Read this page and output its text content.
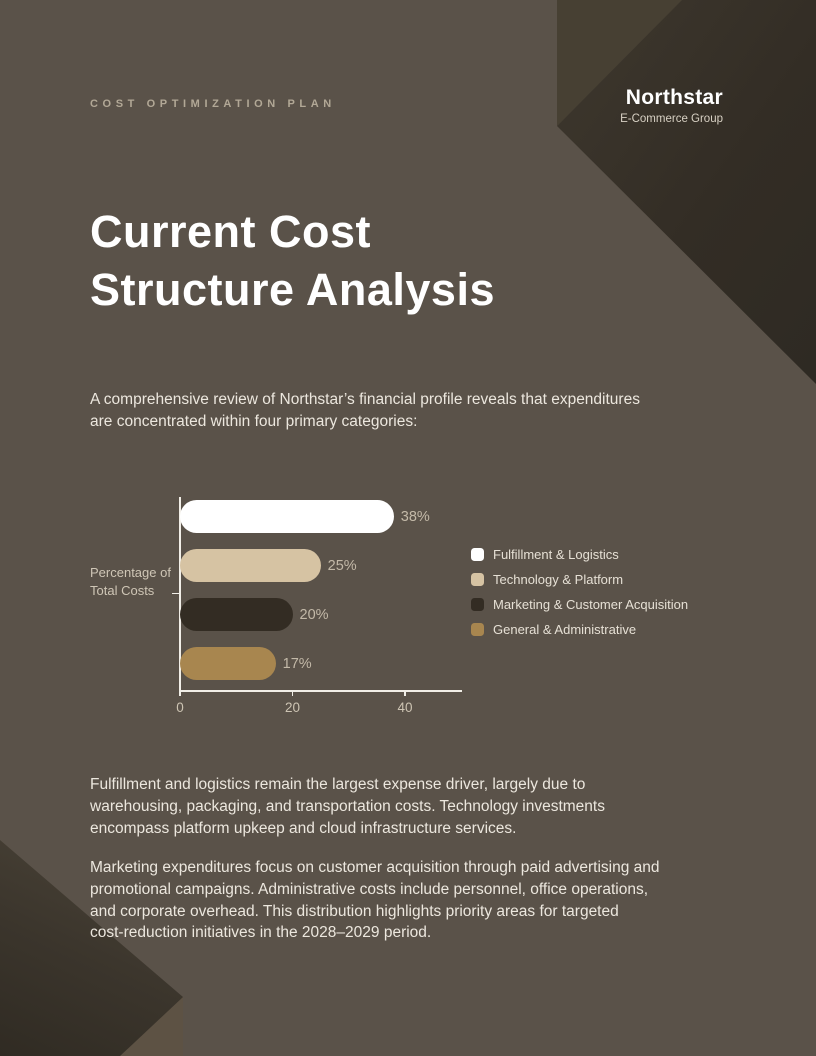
COST OPTIMIZATION PLAN	Northstar
E-Commerce Group
Current Cost
Structure Analysis
A comprehensive review of Northstar’s financial profile reveals that expenditures
are concentrated within four primary categories:
Percentage of Total Costs
38%
25%
20%
17%
0	20	40
Fulfillment & Logistics
Technology & Platform
Marketing & Customer Acquisition
General & Administrative
Fulfillment and logistics remain the largest expense driver, largely due to
warehousing, packaging, and transportation costs. Technology investments
encompass platform upkeep and cloud infrastructure services.
Marketing expenditures focus on customer acquisition through paid advertising and
promotional campaigns. Administrative costs include personnel, office operations,
and corporate overhead. This distribution highlights priority areas for targeted
cost-reduction initiatives in the 2028–2029 period.
